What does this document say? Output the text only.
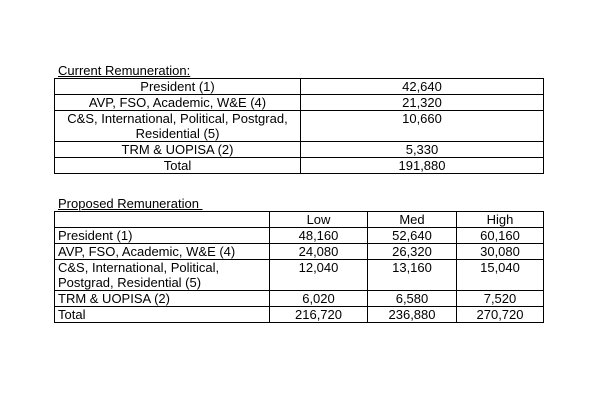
Current Remuneration:
President (1)	42,640
AVP, FSO, Academic, W&E (4)	21,320
C&S, International, Political, Postgrad, Residential (5)	10,660
TRM & UOPISA (2)	5,330
Total	191,880
Proposed Remuneration
	Low	Med	High
President (1)	48,160	52,640	60,160
AVP, FSO, Academic, W&E (4)	24,080	26,320	30,080
C&S, International, Political, Postgrad, Residential (5)	12,040	13,160	15,040
TRM & UOPISA (2)	6,020	6,580	7,520
Total	216,720	236,880	270,720
